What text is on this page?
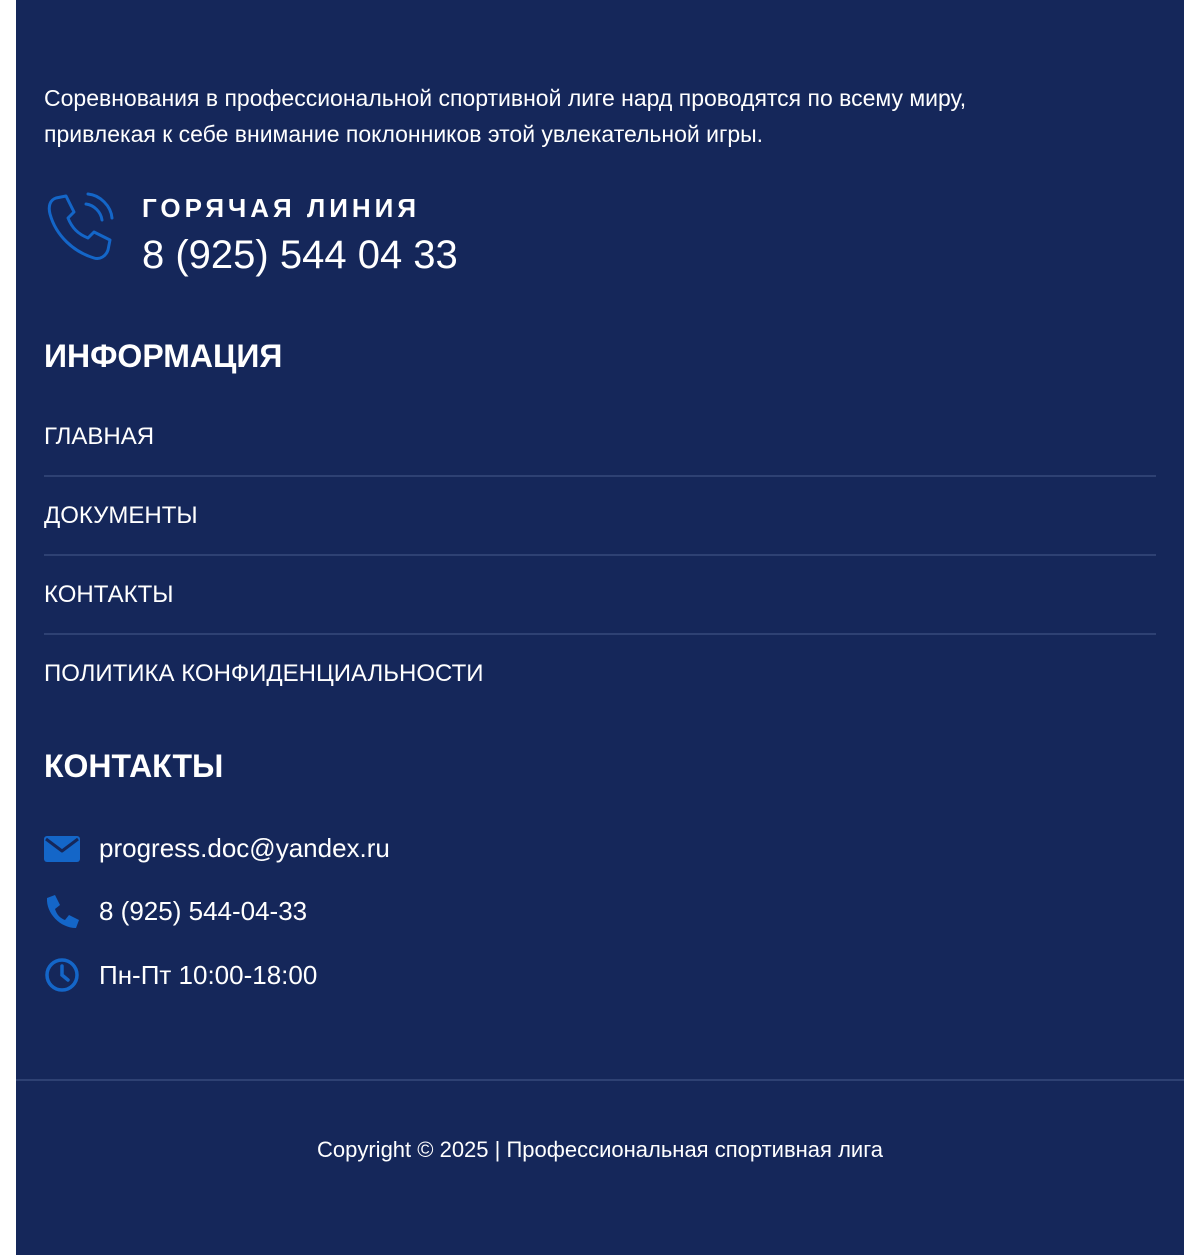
Соревнования в профессиональной спортивной лиге нард проводятся по всему миру, привлекая к себе внимание поклонников этой увлекательной игры.
ГОРЯЧАЯ ЛИНИЯ
8 (925) 544 04 33
ИНФОРМАЦИЯ
ГЛАВНАЯ
ДОКУМЕНТЫ
КОНТАКТЫ
ПОЛИТИКА КОНФИДЕНЦИАЛЬНОСТИ
КОНТАКТЫ
progress.doc@yandex.ru
8 (925) 544-04-33
Пн-Пт 10:00-18:00
Copyright © 2025 | Профессиональная спортивная лига
